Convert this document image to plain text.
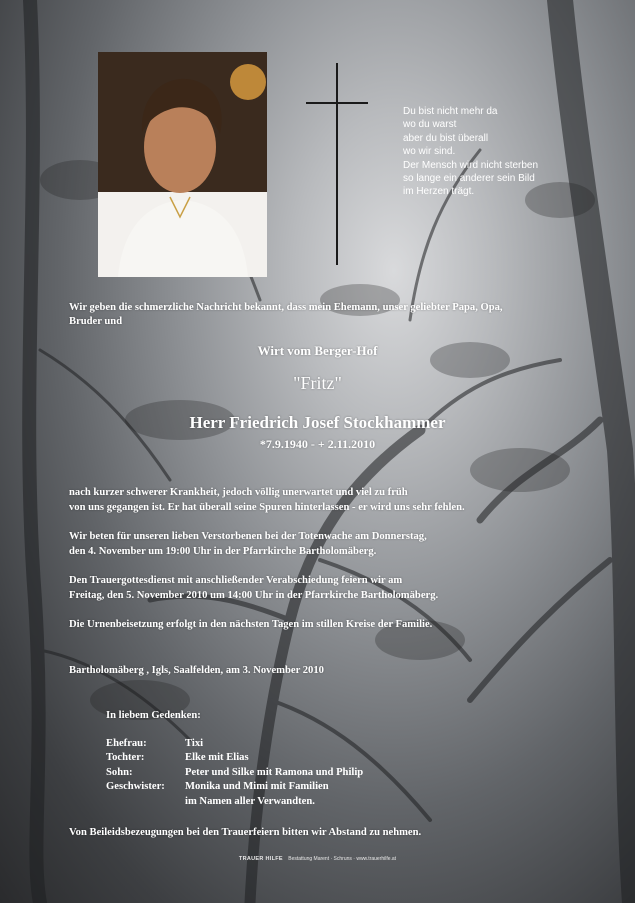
Du bist nicht mehr da
wo du warst
aber du bist überall
wo wir sind.
Der Mensch wird nicht sterben
so lange ein anderer sein Bild
im Herzen trägt.
Wir geben die schmerzliche Nachricht bekannt, dass mein Ehemann, unser geliebter Papa, Opa,
Bruder und
Wirt vom Berger-Hof
"Fritz"
Herr Friedrich Josef Stockhammer
*7.9.1940 - + 2.11.2010
nach kurzer schwerer Krankheit, jedoch völlig unerwartet und viel zu früh
von uns gegangen ist. Er hat überall seine Spuren hinterlassen - er wird uns sehr fehlen.
Wir beten für unseren lieben Verstorbenen bei der Totenwache am Donnerstag,
den 4. November um 19:00 Uhr in der Pfarrkirche Bartholomäberg.
Den Trauergottesdienst mit anschließender Verabschiedung feiern wir am
Freitag, den 5. November 2010 um 14:00 Uhr in der Pfarrkirche Bartholomäberg.
Die Urnenbeisetzung erfolgt in den nächsten Tagen im stillen Kreise der Familie.
Bartholomäberg , Igls, Saalfelden, am 3. November 2010
In liebem Gedenken:
Ehefrau:	Tixi
Tochter:	Elke mit Elias
Sohn:	Peter und Silke mit Ramona und Philip
Geschwister: Monika und Mimi mit Familien
im Namen aller Verwandten.
Von Beileidsbezeugungen bei den Trauerfeiern bitten wir Abstand zu nehmen.
TRAUER HILFE Bestattung Marent · Schruns · www.trauerhilfe.at
